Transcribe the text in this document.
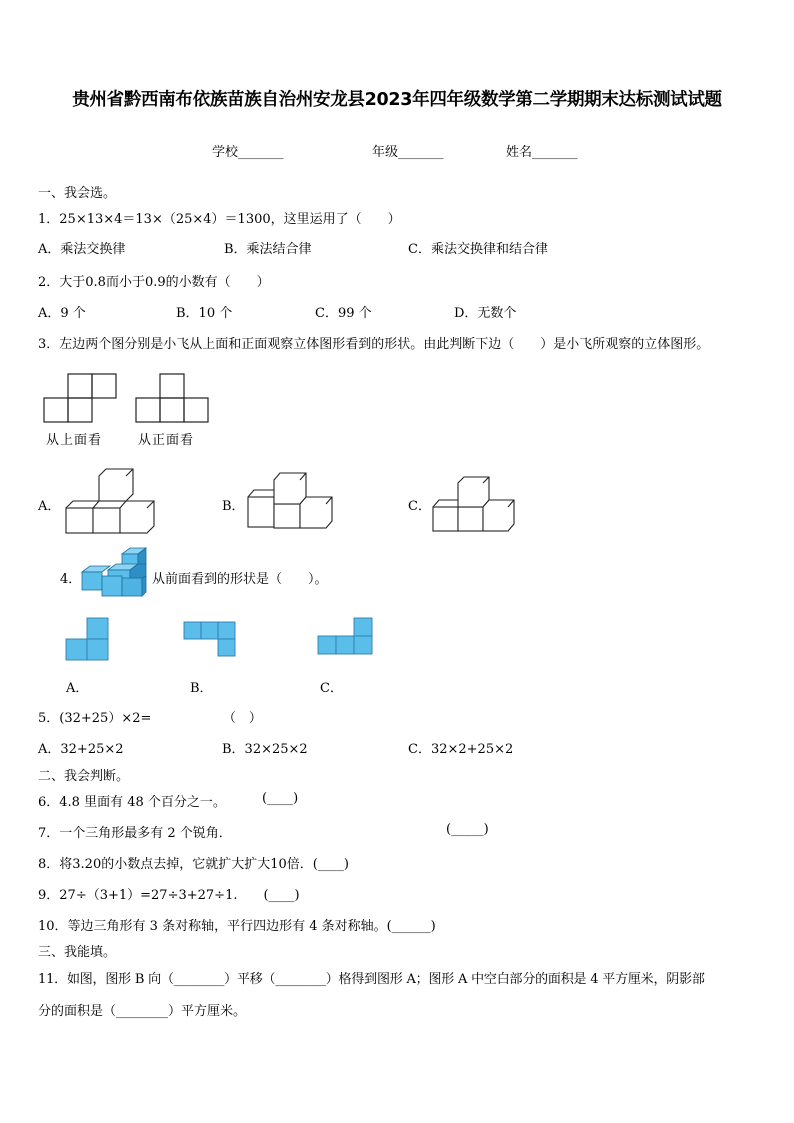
贵州省黔西南布依族苗族自治州安龙县2023年四年级数学第二学期期末达标测试试题
学校_______	年级_______	姓名_______
一、我会选。
1．25×13×4＝13×（25×4）＝1300，这里运用了（　　）
A．乘法交换律	B．乘法结合律	C．乘法交换律和结合律
2．大于0.8而小于0.9的小数有（　　）
A．9 个	B．10 个	C．99 个	D．无数个
3．左边两个图分别是小飞从上面和正面观察立体图形看到的形状。由此判断下边（　　）是小飞所观察的立体图形。
从上面看	从正面看
A．	B．	C．
4．	从前面看到的形状是（　　）。
A．	B．	C．
5．(32+25）×2=　　　　　　（　）
A．32+25×2	B．32×25×2	C．32×2+25×2
二、我会判断。
6．4.8 里面有 48 个百分之一。	(____)
7．一个三角形最多有 2 个锐角．	(_____)
8．将3.20的小数点去掉，它就扩大扩大10倍．(____)
9．27÷（3+1）=27÷3+27÷1.　　(____)
10．等边三角形有 3 条对称轴，平行四边形有 4 条对称轴。(______)
三、我能填。
11．如图，图形 B 向（________）平移（________）格得到图形 A；图形 A 中空白部分的面积是 4 平方厘米，阴影部
分的面积是（________）平方厘米。
